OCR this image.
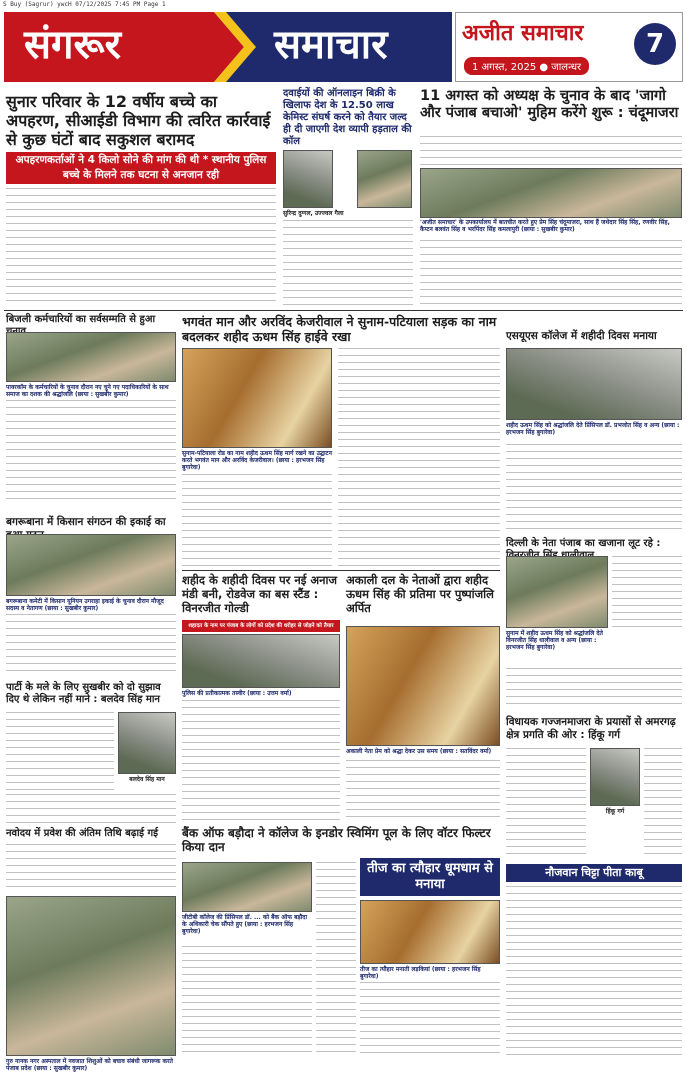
S Buy (Sagrur) ywcH 07/12/2025 7:45 PM Page 1
संगरूर	समाचार	अजीत समाचार
1 अगस्त, 2025 ● जालन्धर
7
सुनार परिवार के 12 वर्षीय बच्चे का अपहरण, सीआईडी विभाग की त्वरित कार्रवाई से कुछ घंटों बाद सकुशल बरामद
अपहरणकर्ताओं ने 4 किलो सोने की मांग की थी * स्थानीय पुलिस बच्चे के मिलने तक घटना से अनजान रही
दवाईयों की ऑनलाइन बिक्री के खिलाफ देश के 12.50 लाख केमिस्ट संघर्ष करने को तैयार जल्द ही दी जाएगी देश व्यापी हड़ताल की कॉल
सुरिन्द्र दुग्गल, उज्ज्वल गैला
11 अगस्त को अध्यक्ष के चुनाव के बाद 'जागो और पंजाब बचाओ' मुहिम करेंगे शुरू : चंदूमाजरा
'अजीत समाचार' के उपकार्यालय में बातचीत करते हुए प्रेम सिंह चंदूमाजरा, साथ हैं जथेदार सिंह सिंह, रणवीर सिंह, कैप्टन बलवंत सिंह व भरपिंदर सिंह कमलापुरी (छाया : सुखबीर कुमार)
बिजली कर्मचारियों का सर्वसम्मति से हुआ
पावरकॉम के कर्मचारियों के चुनाव दौरान नए चुने गए पदाधिकारियों के साथ समाज का दशक की श्रद्धांजलि (छाया : सुखबीर कुमार)
भगवंत मान और अरविंद केजरीवाल ने सुनाम-पटियाला सड़क का नाम बदलकर शहीद ऊधम सिंह हाईवे रखा
सुनाम-पटियाला रोड का नाम शहीद ऊधम सिंह मार्ग रखने का उद्घाटन करते भगवंत मान और अरविंद केजरीवाल। (छाया : हरभजन सिंह बुगारेवा)
एसयूएस कॉलेज में शहीदी दिवस मनाया
शहीद ऊधम सिंह को श्रद्धांजलि देते प्रिंसिपल डॉ. प्रभजोत सिंह व अन्य (छाया : हरभजन सिंह बुगारेवा)
बगरूबाना में किसान संगठन की इकाई का
बगरूबाना कमेटी में किसान यूनियन उगराहा इकाई के चुनाव दौरान मौजूद सदस्य व नेतागण (छाया : सुखबीर कुमार)
दिल्ली के नेता पंजाब का खजाना लूट रहे :
सुनाम में शहीद ऊधम सिंह को श्रद्धांजलि देते विनरजीत सिंह धालीवाल व अन्य (छाया : हरभजन सिंह बुगारेवा)
शहीद के शहीदी दिवस पर नई अनाज मंडी बनी, रोडवेज का बस स्टैंड : विनरजीत गोल्डी
शहादत के नाम पर पंजाब के लोगों को प्रदेश की धरोहर से जोड़ने को तैयार
पुलिस की प्रतीकात्मक तस्वीर (छाया : उत्तम वर्मा)
अकाली दल के नेताओं द्वारा शहीद ऊधम सिंह की प्रतिमा पर पुष्पांजलि अर्पित
अकाली नेता प्रेम को श्रद्धा देकर उस समय (छाया : सतविंदर वर्मा)
पार्टी के मले के लिए सुखबीर को दो सुझाव दिए थे लेकिन नहीं माने : बलदेव सिंह मान
बलदेव सिंह मान
विधायक गज्जनमाजरा के प्रयासों से अमरगढ़ क्षेत्र प्रगति की ओर : हिंकू गर्ग
हिंकू गर्ग
नवोदय में प्रवेश की अंतिम तिथि बढ़ाई गई
गुरु नानक नगर अस्पताल में नवजात शिशुओं को बचाव संबंधी जागरूक करते पंजाब प्रदेश (छाया : सुखबीर कुमार)
बैंक ऑफ बड़ौदा ने कॉलेज के इनडोर स्विमिंग पूल के लिए वॉटर फिल्टर किया दान
जीटीबी कॉलेज की प्रिंसिपल डॉ. ... को बैंक ऑफ बड़ौदा के अधिकारी चेक सौंपते हुए (छाया : हरभजन सिंह बुगारेवा)
तीज का त्यौहार धूमधाम से मनाया
तीज का त्यौहार मनाती लड़कियां (छाया : हरभजन सिंह बुगारेवा)
नौजवान चिट्टा पीता काबू
